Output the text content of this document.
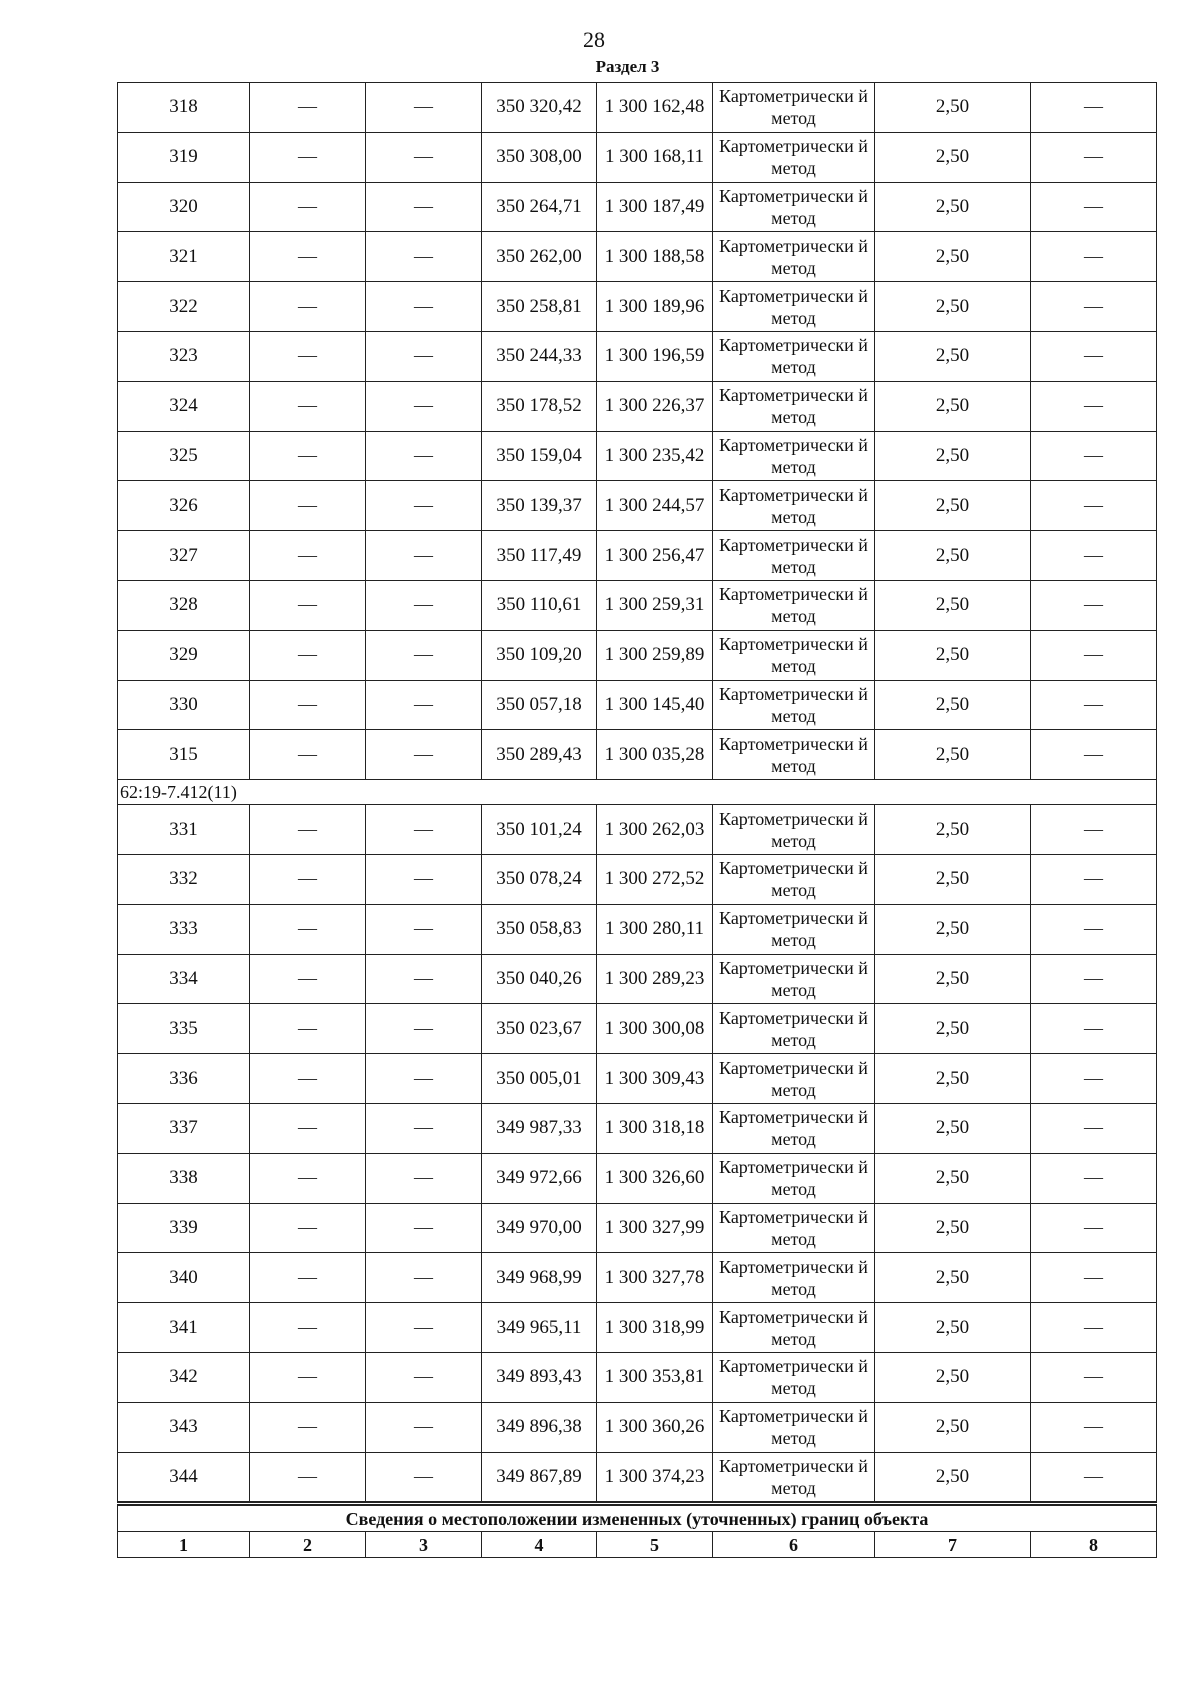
28
Раздел 3
318	—	—	350 320,42	1 300 162,48	Картометрически й метод	2,50	—
319	—	—	350 308,00	1 300 168,11	Картометрически й метод	2,50	—
320	—	—	350 264,71	1 300 187,49	Картометрически й метод	2,50	—
321	—	—	350 262,00	1 300 188,58	Картометрически й метод	2,50	—
322	—	—	350 258,81	1 300 189,96	Картометрически й метод	2,50	—
323	—	—	350 244,33	1 300 196,59	Картометрически й метод	2,50	—
324	—	—	350 178,52	1 300 226,37	Картометрически й метод	2,50	—
325	—	—	350 159,04	1 300 235,42	Картометрически й метод	2,50	—
326	—	—	350 139,37	1 300 244,57	Картометрически й метод	2,50	—
327	—	—	350 117,49	1 300 256,47	Картометрически й метод	2,50	—
328	—	—	350 110,61	1 300 259,31	Картометрически й метод	2,50	—
329	—	—	350 109,20	1 300 259,89	Картометрически й метод	2,50	—
330	—	—	350 057,18	1 300 145,40	Картометрически й метод	2,50	—
315	—	—	350 289,43	1 300 035,28	Картометрически й метод	2,50	—
62:19-7.412(11)							
331	—	—	350 101,24	1 300 262,03	Картометрически й метод	2,50	—
332	—	—	350 078,24	1 300 272,52	Картометрически й метод	2,50	—
333	—	—	350 058,83	1 300 280,11	Картометрически й метод	2,50	—
334	—	—	350 040,26	1 300 289,23	Картометрически й метод	2,50	—
335	—	—	350 023,67	1 300 300,08	Картометрически й метод	2,50	—
336	—	—	350 005,01	1 300 309,43	Картометрически й метод	2,50	—
337	—	—	349 987,33	1 300 318,18	Картометрически й метод	2,50	—
338	—	—	349 972,66	1 300 326,60	Картометрически й метод	2,50	—
339	—	—	349 970,00	1 300 327,99	Картометрически й метод	2,50	—
340	—	—	349 968,99	1 300 327,78	Картометрически й метод	2,50	—
341	—	—	349 965,11	1 300 318,99	Картометрически й метод	2,50	—
342	—	—	349 893,43	1 300 353,81	Картометрически й метод	2,50	—
343	—	—	349 896,38	1 300 360,26	Картометрически й метод	2,50	—
344	—	—	349 867,89	1 300 374,23	Картометрически й метод	2,50	—
Сведения о местоположении измененных (уточненных) границ объекта							
1	2	3	4	5	6	7	8
